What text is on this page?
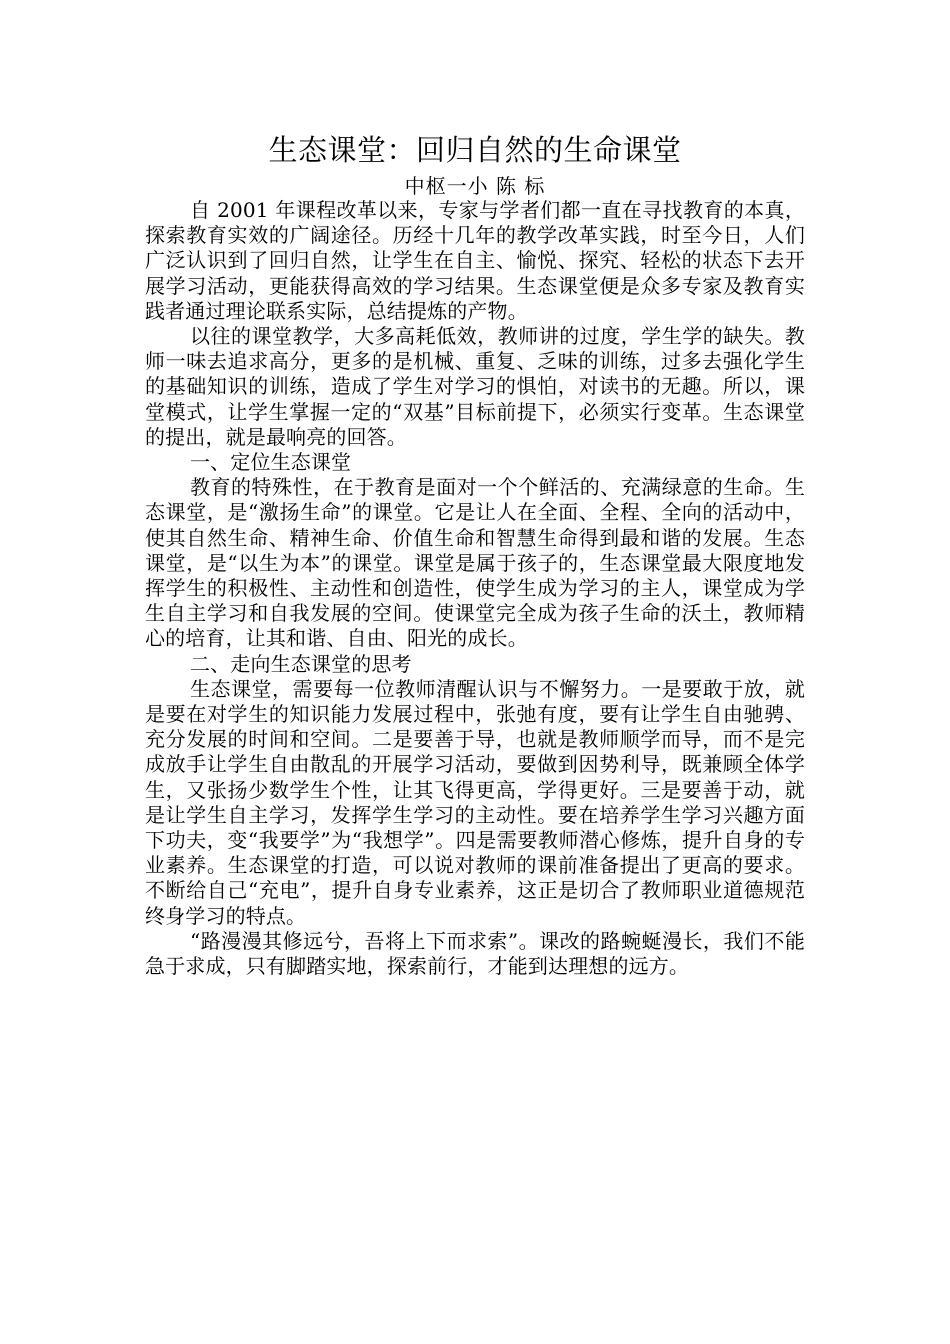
生态课堂：回归自然的生命课堂
中枢一小 陈 标

自 2001 年课程改革以来，专家与学者们都一直在寻找教育的本真，探索教育实效的广阔途径。历经十几年的教学改革实践，时至今日，人们广泛认识到了回归自然，让学生在自主、愉悦、探究、轻松的状态下去开展学习活动，更能获得高效的学习结果。生态课堂便是众多专家及教育实践者通过理论联系实际，总结提炼的产物。

以往的课堂教学，大多高耗低效，教师讲的过度，学生学的缺失。教师一味去追求高分，更多的是机械、重复、乏味的训练，过多去强化学生的基础知识的训练，造成了学生对学习的惧怕，对读书的无趣。所以，课堂模式，让学生掌握一定的“双基”目标前提下，必须实行变革。生态课堂的提出，就是最响亮的回答。

一、定位生态课堂

教育的特殊性，在于教育是面对一个个鲜活的、充满绿意的生命。生态课堂，是“激扬生命”的课堂。它是让人在全面、全程、全向的活动中，使其自然生命、精神生命、价值生命和智慧生命得到最和谐的发展。生态课堂，是“以生为本”的课堂。课堂是属于孩子的，生态课堂最大限度地发挥学生的积极性、主动性和创造性，使学生成为学习的主人，课堂成为学生自主学习和自我发展的空间。使课堂完全成为孩子生命的沃土，教师精心的培育，让其和谐、自由、阳光的成长。

二、走向生态课堂的思考

生态课堂，需要每一位教师清醒认识与不懈努力。一是要敢于放，就是要在对学生的知识能力发展过程中，张弛有度，要有让学生自由驰骋、充分发展的时间和空间。二是要善于导，也就是教师顺学而导，而不是完成放手让学生自由散乱的开展学习活动，要做到因势利导，既兼顾全体学生，又张扬少数学生个性，让其飞得更高，学得更好。三是要善于动，就是让学生自主学习，发挥学生学习的主动性。要在培养学生学习兴趣方面下功夫，变“我要学”为“我想学”。四是需要教师潜心修炼，提升自身的专业素养。生态课堂的打造，可以说对教师的课前准备提出了更高的要求。不断给自己“充电”，提升自身专业素养，这正是切合了教师职业道德规范终身学习的特点。

“路漫漫其修远兮，吾将上下而求索”。课改的路蜿蜒漫长，我们不能急于求成，只有脚踏实地，探索前行，才能到达理想的远方。
